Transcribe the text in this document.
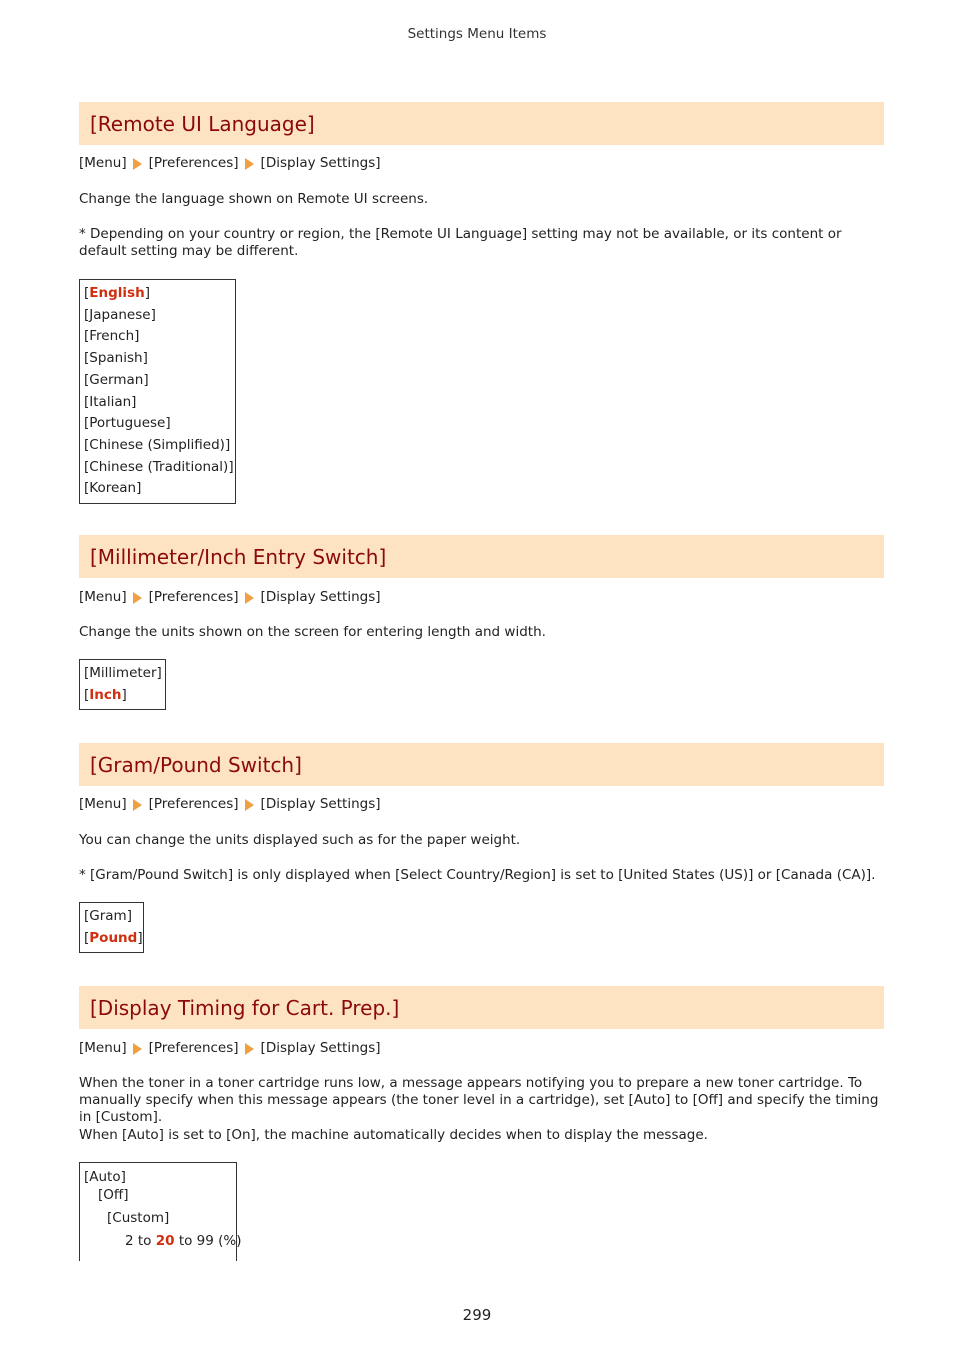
Settings Menu Items
[Remote UI Language]
[Menu] [Preferences] [Display Settings]
Change the language shown on Remote UI screens.
* Depending on your country or region, the [Remote UI Language] setting may not be available, or its content or default setting may be different.
[English]
[Japanese]
[French]
[Spanish]
[German]
[Italian]
[Portuguese]
[Chinese (Simplified)]
[Chinese (Traditional)]
[Korean]
[Millimeter/Inch Entry Switch]
[Menu] [Preferences] [Display Settings]
Change the units shown on the screen for entering length and width.
[Millimeter]
[Inch]
[Gram/Pound Switch]
[Menu] [Preferences] [Display Settings]
You can change the units displayed such as for the paper weight.
* [Gram/Pound Switch] is only displayed when [Select Country/Region] is set to [United States (US)] or [Canada (CA)].
[Gram]
[Pound]
[Display Timing for Cart. Prep.]
[Menu] [Preferences] [Display Settings]
When the toner in a toner cartridge runs low, a message appears notifying you to prepare a new toner cartridge. To manually specify when this message appears (the toner level in a cartridge), set [Auto] to [Off] and specify the timing in [Custom].
When [Auto] is set to [On], the machine automatically decides when to display the message.
[Auto]
[Off]
[Custom]
2 to 20 to 99 (%)
299
